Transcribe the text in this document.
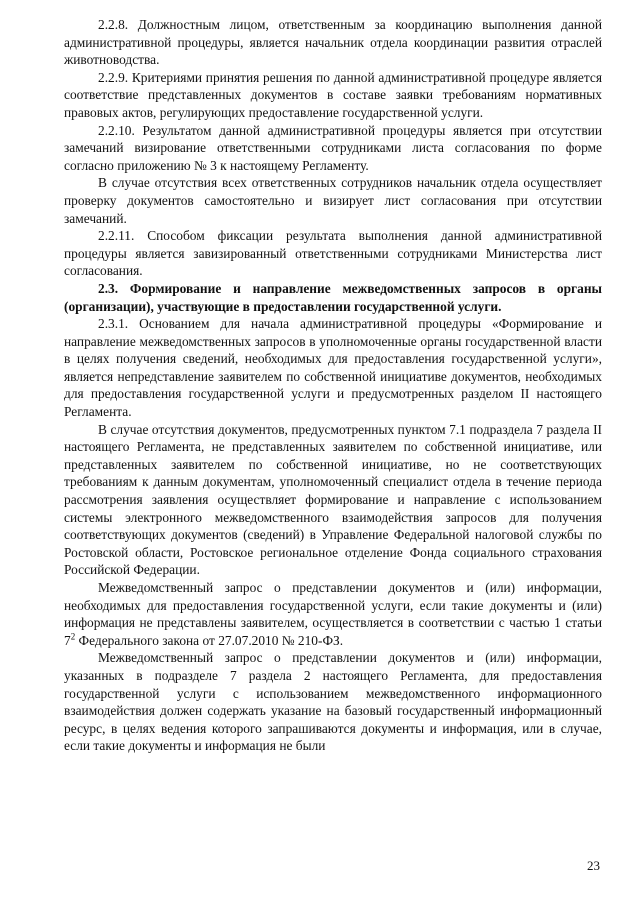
2.2.8. Должностным лицом, ответственным за координацию выполнения данной административной процедуры, является начальник отдела координации развития отраслей животноводства.

2.2.9. Критериями принятия решения по данной административной процедуре является соответствие представленных документов в составе заявки требованиям нормативных правовых актов, регулирующих предоставление государственной услуги.

2.2.10. Результатом данной административной процедуры является при отсутствии замечаний визирование ответственными сотрудниками листа согласования по форме согласно приложению № 3 к настоящему Регламенту.

В случае отсутствия всех ответственных сотрудников начальник отдела осуществляет проверку документов самостоятельно и визирует лист согласования при отсутствии замечаний.

2.2.11. Способом фиксации результата выполнения данной административной процедуры является завизированный ответственными сотрудниками Министерства лист согласования.

2.3. Формирование и направление межведомственных запросов в органы (организации), участвующие в предоставлении государственной услуги.

2.3.1. Основанием для начала административной процедуры «Формирование и направление межведомственных запросов в уполномоченные органы государственной власти в целях получения сведений, необходимых для предоставления государственной услуги», является непредставление заявителем по собственной инициативе документов, необходимых для предоставления государственной услуги и предусмотренных разделом II настоящего Регламента.

В случае отсутствия документов, предусмотренных пунктом 7.1 подраздела 7 раздела II настоящего Регламента, не представленных заявителем по собственной инициативе, или представленных заявителем по собственной инициативе, но не соответствующих требованиям к данным документам, уполномоченный специалист отдела в течение периода рассмотрения заявления осуществляет формирование и направление с использованием системы электронного межведомственного взаимодействия запросов для получения соответствующих документов (сведений) в Управление Федеральной налоговой службы по Ростовской области, Ростовское региональное отделение Фонда социального страхования Российской Федерации.

Межведомственный запрос о представлении документов и (или) информации, необходимых для предоставления государственной услуги, если такие документы и (или) информация не представлены заявителем, осуществляется в соответствии с частью 1 статьи $7^2$ Федерального закона от 27.07.2010 № 210-ФЗ.

Межведомственный запрос о представлении документов и (или) информации, указанных в подразделе 7 раздела 2 настоящего Регламента, для предоставления государственной услуги с использованием межведомственного информационного взаимодействия должен содержать указание на базовый государственный информационный ресурс, в целях ведения которого запрашиваются документы и информация, или в случае, если такие документы и информация не были

23
